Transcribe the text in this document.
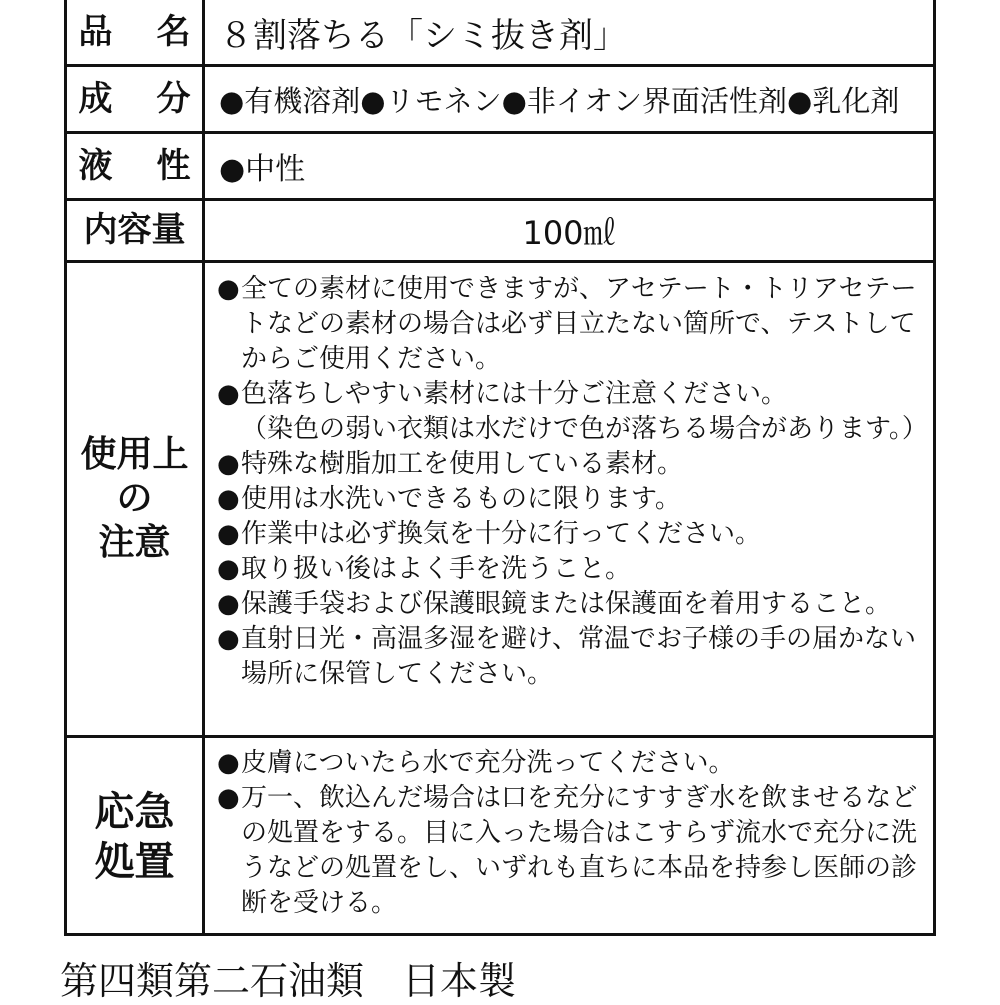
品 名 ８割落ちる「シミ抜き剤」
成 分 ●有機溶剤●リモネン●非イオン界面活性剤●乳化剤
液 性 ●中性
内容量	100㎖
使用上の
注意
●全ての素材に使用できますが、アセテート・トリアセテートなどの素材の場合は必ず目立たない箇所で、テストしてからご使用ください。
●色落ちしやすい素材には十分ご注意ください。
（染色の弱い衣類は水だけで色が落ちる場合があります。）
●特殊な樹脂加工を使用している素材。
●使用は水洗いできるものに限ります。
●作業中は必ず換気を十分に行ってください。
●取り扱い後はよく手を洗うこと。
●保護手袋および保護眼鏡または保護面を着用すること。
●直射日光・高温多湿を避け、常温でお子様の手の届かない場所に保管してください。
応急
処置
●皮膚についたら水で充分洗ってください。
●万一、飲込んだ場合は口を充分にすすぎ水を飲ませるなどの処置をする。目に入った場合はこすらず流水で充分に洗うなどの処置をし、いずれも直ちに本品を持参し医師の診断を受ける。
第四類第二石油類　日本製
